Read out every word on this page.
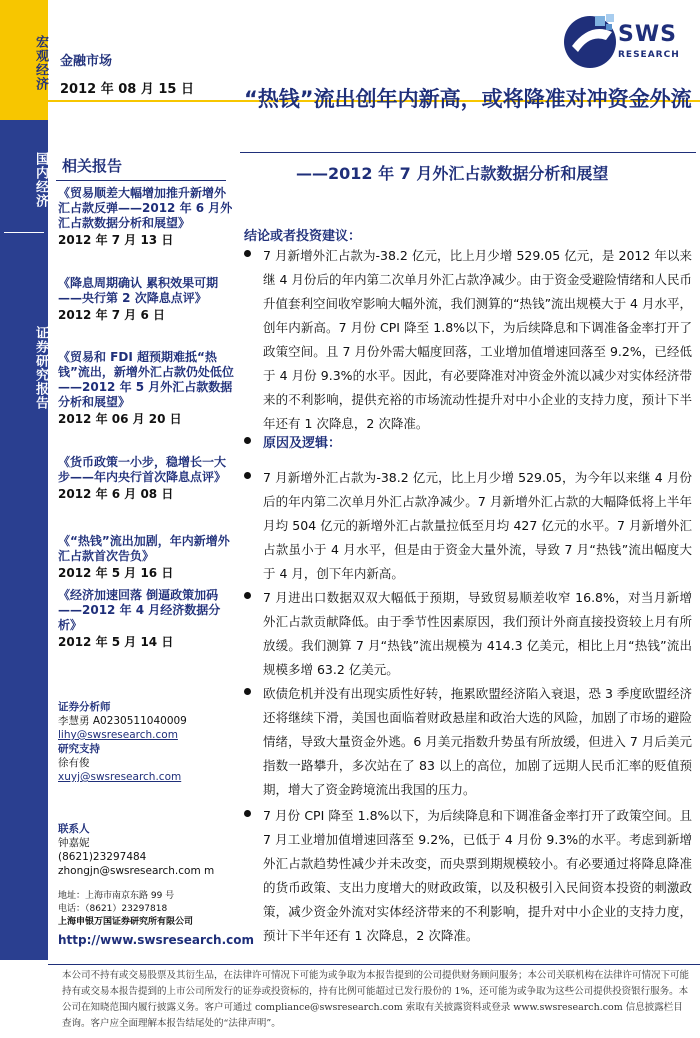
宏观经济
国内经济
证券研究报告
金融市场
2012 年 08 月 15 日
SWS
RESEARCH
“热钱”流出创年内新高，或将降准对冲资金外流
——2012 年 7 月外汇占款数据分析和展望
相关报告
《贸易顺差大幅增加推升新增外汇占款反弹——2012 年 6 月外汇占款数据分析和展望》
2012 年 7 月 13 日
《降息周期确认 累积效果可期——央行第 2 次降息点评》
2012 年 7 月 6 日
《贸易和 FDI 超预期难抵“热钱”流出，新增外汇占款仍处低位——2012 年 5 月外汇占款数据分析和展望》
2012 年 06 月 20 日
《货币政策一小步，稳增长一大步——年内央行首次降息点评》
2012 年 6 月 08 日
《“热钱”流出加剧，年内新增外汇占款首次告负》
2012 年 5 月 16 日
《经济加速回落 倒逼政策加码——2012 年 4 月经济数据分析》
2012 年 5 月 14 日
证券分析师
李慧勇 A0230511040009
lihy@swsresearch.com
研究支持
徐有俊
xuyj@swsresearch.com
联系人
钟嘉妮
(8621)23297484
zhongjn@swsresearch.com m
地址：上海市南京东路 99 号
电话：（8621）23297818
上海申银万国证券研究所有限公司
http://www.swsresearch.com
结论或者投资建议：
7 月新增外汇占款为-38.2 亿元，比上月少增 529.05 亿元，是 2012 年以来继 4 月份后的年内第二次单月外汇占款净减少。由于资金受避险情绪和人民币升值套利空间收窄影响大幅外流，我们测算的“热钱”流出规模大于 4 月水平，创年内新高。7 月份 CPI 降至 1.8%以下，为后续降息和下调准备金率打开了政策空间。且 7 月份外需大幅度回落，工业增加值增速回落至 9.2%，已经低于 4 月份 9.3%的水平。因此，有必要降准对冲资金外流以减少对实体经济带来的不利影响，提供充裕的市场流动性提升对中小企业的支持力度，预计下半年还有 1 次降息，2 次降准。
原因及逻辑：
7 月新增外汇占款为-38.2 亿元，比上月少增 529.05，为今年以来继 4 月份后的年内第二次单月外汇占款净减少。7 月新增外汇占款的大幅降低将上半年月均 504 亿元的新增外汇占款量拉低至月均 427 亿元的水平。7 月新增外汇占款虽小于 4 月水平，但是由于资金大量外流，导致 7 月“热钱”流出幅度大于 4 月，创下年内新高。
7 月进出口数据双双大幅低于预期，导致贸易顺差收窄 16.8%，对当月新增外汇占款贡献降低。由于季节性因素原因，我们预计外商直接投资较上月有所放缓。我们测算 7 月“热钱”流出规模为 414.3 亿美元，相比上月“热钱”流出规模多增 63.2 亿美元。
欧债危机并没有出现实质性好转，拖累欧盟经济陷入衰退，恐 3 季度欧盟经济还将继续下滑，美国也面临着财政悬崖和政治大选的风险，加剧了市场的避险情绪，导致大量资金外逃。6 月美元指数升势虽有所放缓，但进入 7 月后美元指数一路攀升，多次站在了 83 以上的高位，加剧了远期人民币汇率的贬值预期，增大了资金跨境流出我国的压力。
7 月份 CPI 降至 1.8%以下，为后续降息和下调准备金率打开了政策空间。且 7 月工业增加值增速回落至 9.2%，已低于 4 月份 9.3%的水平。考虑到新增外汇占款趋势性减少并未改变，而央票到期规模较小。有必要通过将降息降准的货币政策、支出力度增大的财政政策，以及积极引入民间资本投资的刺激政策，减少资金外流对实体经济带来的不利影响，提升对中小企业的支持力度，预计下半年还有 1 次降息，2 次降准。
本公司不持有或交易股票及其衍生品，在法律许可情况下可能为或争取为本报告提到的公司提供财务顾问服务；本公司关联机构在法律许可情况下可能持有或交易本报告提到的上市公司所发行的证券或投资标的，持有比例可能超过已发行股份的 1%，还可能为或争取为这些公司提供投资银行服务。本公司在知晓范围内履行披露义务。客户可通过 compliance@swsresearch.com 索取有关披露资料或登录 www.swsresearch.com 信息披露栏目查询。客户应全面理解本报告结尾处的“法律声明”。
